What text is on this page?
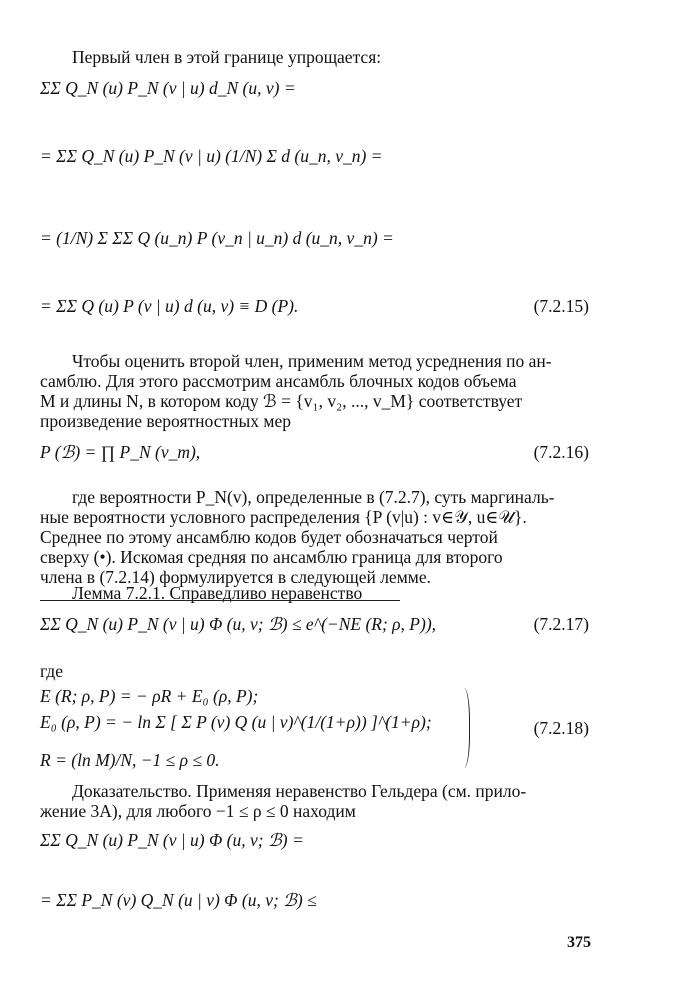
Первый член в этой границе упрощается:
ΣΣ Q_N (u) P_N (v | u) d_N (u, v) =
= ΣΣ Q_N (u) P_N (v | u) (1/N) Σ d (u_n, v_n) =
= (1/N) Σ ΣΣ Q (u_n) P (v_n | u_n) d (u_n, v_n) =
= ΣΣ Q (u) P (v | u) d (u, v) ≡ D (P).	(7.2.15)
Чтобы оценить второй член, применим метод усреднения по ан-
самблю. Для этого рассмотрим ансамбль блочных кодов объема
M и длины N, в котором коду ℬ = {v₁, v₂, ..., v_M} соответствует
произведение вероятностных мер
P (ℬ) = ∏ P_N (v_m),	(7.2.16)
где вероятности P_N(v), определенные в (7.2.7), суть маргиналь-
ные вероятности условного распределения {P (v|u) : v∈𝒴, u∈𝒰}.
Среднее по этому ансамблю кодов будет обозначаться чертой
сверху (•). Искомая средняя по ансамблю граница для второго
члена в (7.2.14) формулируется в следующей лемме.
Лемма 7.2.1. Справедливо неравенство
ΣΣ Q_N (u) P_N (v | u) Φ (u, v; ℬ) ≤ e^(−NE (R; ρ, P)),	(7.2.17)
где
E (R; ρ, P) = − ρR + E₀ (ρ, P);
E₀ (ρ, P) = − ln Σ [ Σ P (v) Q (u | v)^(1/(1+ρ)) ]^(1+ρ);
R = (ln M)/N, −1 ≤ ρ ≤ 0.
(7.2.18)
Доказательство. Применяя неравенство Гельдера (см. прило-
жение 3А), для любого −1 ≤ ρ ≤ 0 находим
ΣΣ Q_N (u) P_N (v | u) Φ (u, v; ℬ) =
= ΣΣ P_N (v) Q_N (u | v) Φ (u, v; ℬ) ≤
375
